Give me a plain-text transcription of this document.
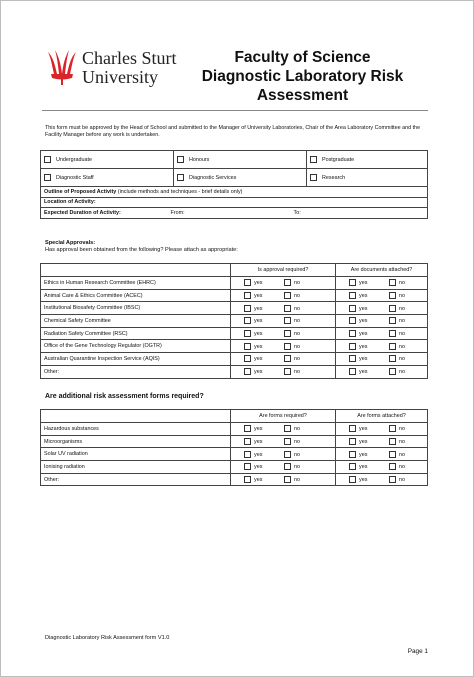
Charles Sturt
University
Faculty of Science
Diagnostic Laboratory Risk
Assessment
This form must be approved by the Head of School and submitted to the Manager of University Laboratories, Chair of the Area Laboratory Committee and the Facility Manager before any work is undertaken.
Undergraduate	Honours	Postgraduate
Diagnostic Staff	Diagnostic Services	Research
Outline of Proposed Activity (include methods and techniques - brief details only)		
Location of Activity:		
Expected Duration of Activity: From: To:		
Special Approvals:
Has approval been obtained from the following? Please attach as appropriate:
	Is approval required?	Are documents attached?
Ethics in Human Research Committee (EHRC)	yes no	yes no
Animal Care & Ethics Committee (ACEC)	yes no	yes no
Institutional Biosafety Committee (IBSC)	yes no	yes no
Chemical Safety Committee	yes no	yes no
Radiation Safety Committee (RSC)	yes no	yes no
Office of the Gene Technology Regulator (OGTR)	yes no	yes no
Australian Quarantine Inspection Service (AQIS)	yes no	yes no
Other:	yes no	yes no
Are additional risk assessment forms required?
	Are forms required?	Are forms attached?
Hazardous substances	yes no	yes no
Microorganisms	yes no	yes no
Solar UV radiation	yes no	yes no
Ionising radiation	yes no	yes no
Other:	yes no	yes no
Diagnostic Laboratory Risk Assessment form V1.0
Page 1
